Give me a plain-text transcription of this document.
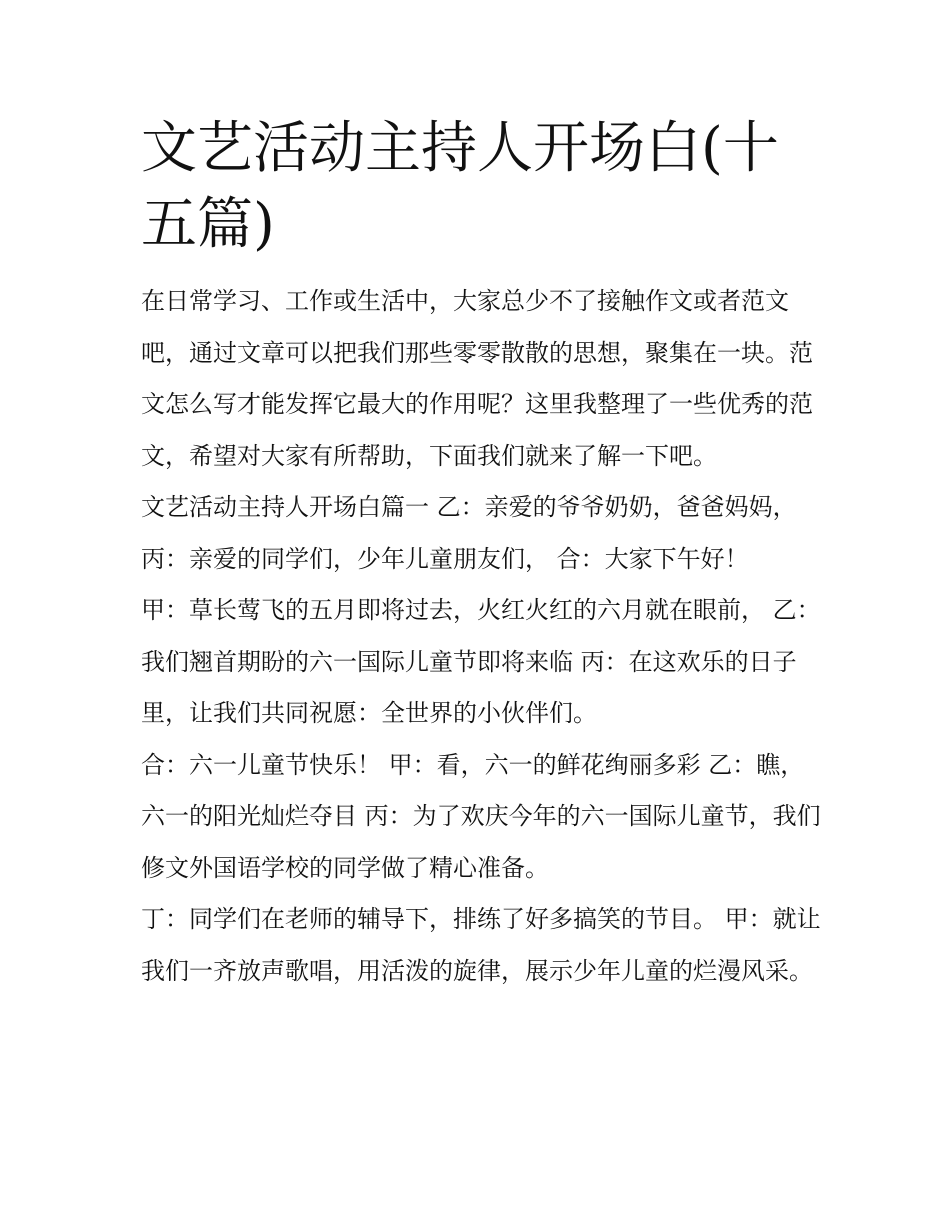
文艺活动主持人开场白(十五篇)

在日常学习、工作或生活中，大家总少不了接触作文或者范文吧，通过文章可以把我们那些零零散散的思想，聚集在一块。范文怎么写才能发挥它最大的作用呢？这里我整理了一些优秀的范文，希望对大家有所帮助，下面我们就来了解一下吧。

文艺活动主持人开场白篇一 乙：亲爱的爷爷奶奶，爸爸妈妈， 丙：亲爱的同学们，少年儿童朋友们， 合：大家下午好！

甲：草长莺飞的五月即将过去，火红火红的六月就在眼前， 乙：我们翘首期盼的六一国际儿童节即将来临 丙：在这欢乐的日子里，让我们共同祝愿：全世界的小伙伴们。

合：六一儿童节快乐！ 甲：看，六一的鲜花绚丽多彩 乙：瞧，六一的阳光灿烂夺目 丙：为了欢庆今年的六一国际儿童节，我们修文外国语学校的同学做了精心准备。

丁：同学们在老师的辅导下，排练了好多搞笑的节目。 甲：就让我们一齐放声歌唱，用活泼的旋律，展示少年儿童的烂漫风采。
